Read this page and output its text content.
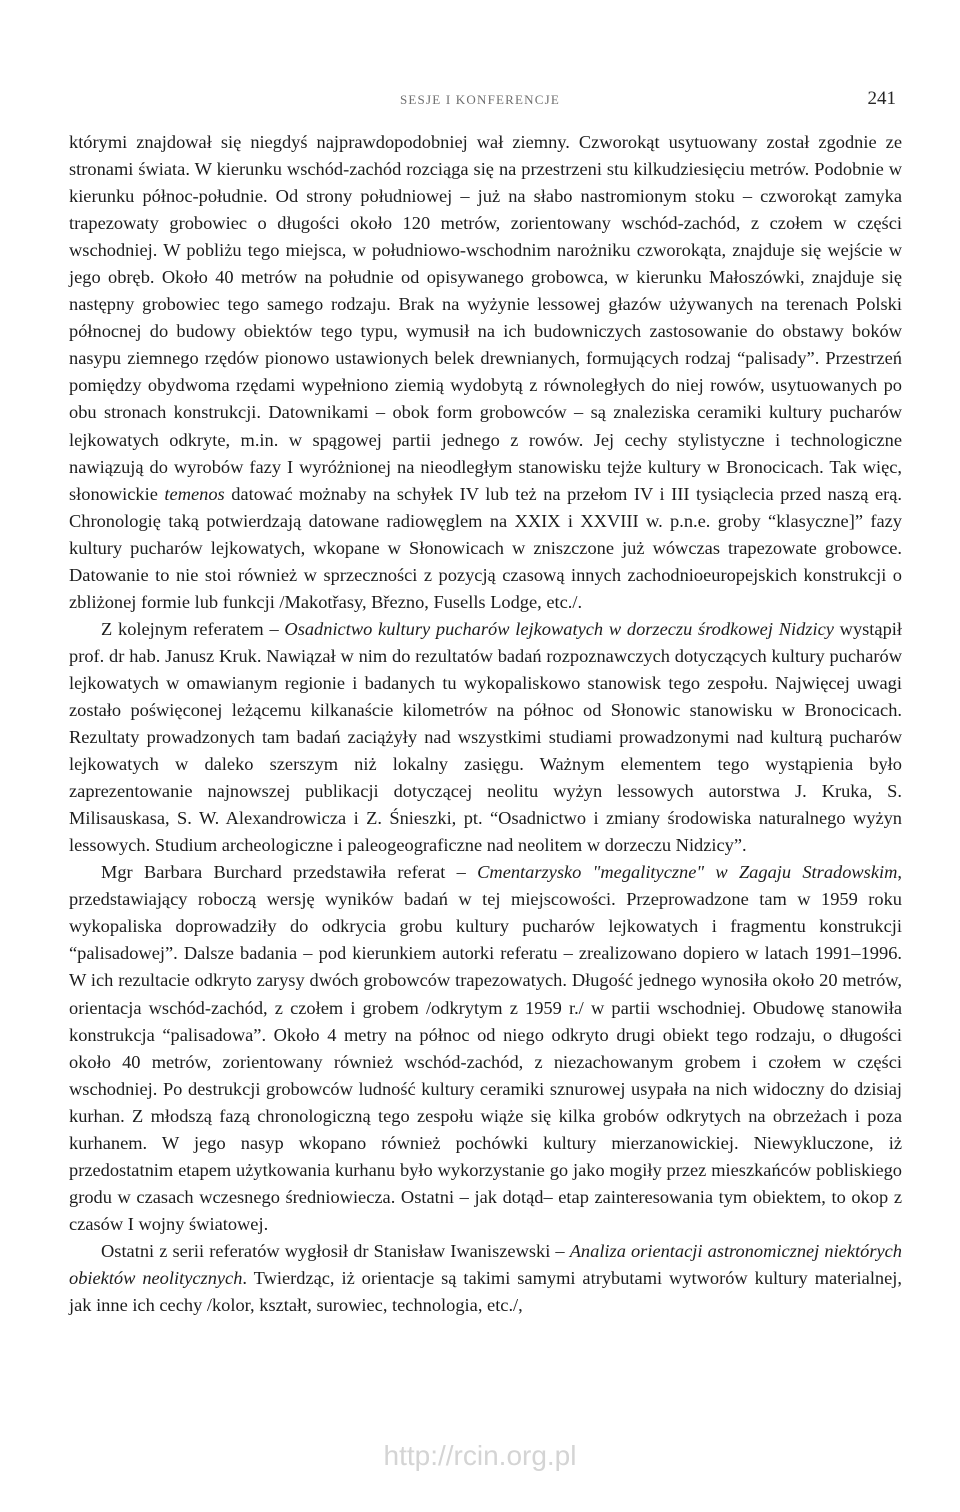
SESJE I KONFERENCJE	241

którymi znajdował się niegdyś najprawdopodobniej wał ziemny. Czworokąt usytuowany został zgodnie ze stronami świata. W kierunku wschód-zachód rozciąga się na przestrzeni stu kilkudziesięciu metrów. Podobnie w kierunku północ-południe. Od strony południowej – już na słabo nastromionym stoku – czworokąt zamyka trapezowaty grobowiec o długości około 120 metrów, zorientowany wschód-zachód, z czołem w części wschodniej. W pobliżu tego miejsca, w południowo-wschodnim narożniku czworokąta, znajduje się wejście w jego obręb. Około 40 metrów na południe od opisywanego grobowca, w kierunku Małoszówki, znajduje się następny grobowiec tego samego rodzaju. Brak na wyżynie lessowej głazów używanych na terenach Polski północnej do budowy obiektów tego typu, wymusił na ich budowniczych zastosowanie do obstawy boków nasypu ziemnego rzędów pionowo ustawionych belek drewnianych, formujących rodzaj “palisady”. Przestrzeń pomiędzy obydwoma rzędami wypełniono ziemią wydobytą z równoległych do niej rowów, usytuowanych po obu stronach konstrukcji. Datownikami – obok form grobowców – są znaleziska ceramiki kultury pucharów lejkowatych odkryte, m.in. w spągowej partii jednego z rowów. Jej cechy stylistyczne i technologiczne nawiązują do wyrobów fazy I wyróżnionej na nieodległym stanowisku tejże kultury w Bronocicach. Tak więc, słonowickie temenos datować możnaby na schyłek IV lub też na przełom IV i III tysiąclecia przed naszą erą. Chronologię taką potwierdzają datowane radiowęglem na XXIX i XXVIII w. p.n.e. groby “klasyczne]” fazy kultury pucharów lejkowatych, wkopane w Słonowicach w zniszczone już wówczas trapezowate grobowce. Datowanie to nie stoi również w sprzeczności z pozycją czasową innych zachodnioeuropejskich konstrukcji o zbliżonej formie lub funkcji /Makotřasy, Březno, Fusells Lodge, etc./.

Z kolejnym referatem – Osadnictwo kultury pucharów lejkowatych w dorzeczu środkowej Nidzicy wystąpił prof. dr hab. Janusz Kruk. Nawiązał w nim do rezultatów badań rozpoznawczych dotyczących kultury pucharów lejkowatych w omawianym regionie i badanych tu wykopaliskowo stanowisk tego zespołu. Najwięcej uwagi zostało poświęconej leżącemu kilkanaście kilometrów na północ od Słonowic stanowisku w Bronocicach. Rezultaty prowadzonych tam badań zaciążyły nad wszystkimi studiami prowadzonymi nad kulturą pucharów lejkowatych w daleko szerszym niż lokalny zasięgu. Ważnym elementem tego wystąpienia było zaprezentowanie najnowszej publikacji dotyczącej neolitu wyżyn lessowych autorstwa J. Kruka, S. Milisauskasa, S. W. Alexandrowicza i Z. Śnieszki, pt. “Osadnictwo i zmiany środowiska naturalnego wyżyn lessowych. Studium archeologiczne i paleogeograficzne nad neolitem w dorzeczu Nidzicy”.

Mgr Barbara Burchard przedstawiła referat – Cmentarzysko "megalityczne" w Zagaju Stradowskim, przedstawiający roboczą wersję wyników badań w tej miejscowości. Przeprowadzone tam w 1959 roku wykopaliska doprowadziły do odkrycia grobu kultury pucharów lejkowatych i fragmentu konstrukcji “palisadowej”. Dalsze badania – pod kierunkiem autorki referatu – zrealizowano dopiero w latach 1991–1996. W ich rezultacie odkryto zarysy dwóch grobowców trapezowatych. Długość jednego wynosiła około 20 metrów, orientacja wschód-zachód, z czołem i grobem /odkrytym z 1959 r./ w partii wschodniej. Obudowę stanowiła konstrukcja “palisadowa”. Około 4 metry na północ od niego odkryto drugi obiekt tego rodzaju, o długości około 40 metrów, zorientowany również wschód-zachód, z niezachowanym grobem i czołem w części wschodniej. Po destrukcji grobowców ludność kultury ceramiki sznurowej usypała na nich widoczny do dzisiaj kurhan. Z młodszą fazą chronologiczną tego zespołu wiąże się kilka grobów odkrytych na obrzeżach i poza kurhanem. W jego nasyp wkopano również pochówki kultury mierzanowickiej. Niewykluczone, iż przedostatnim etapem użytkowania kurhanu było wykorzystanie go jako mogiły przez mieszkańców pobliskiego grodu w czasach wczesnego średniowiecza. Ostatni – jak dotąd– etap zainteresowania tym obiektem, to okop z czasów I wojny światowej.

Ostatni z serii referatów wygłosił dr Stanisław Iwaniszewski – Analiza orientacji astronomicznej niektórych obiektów neolitycznych. Twierdząc, iż orientacje są takimi samymi atrybutami wytworów kultury materialnej, jak inne ich cechy /kolor, kształt, surowiec, technologia, etc./,

http://rcin.org.pl
